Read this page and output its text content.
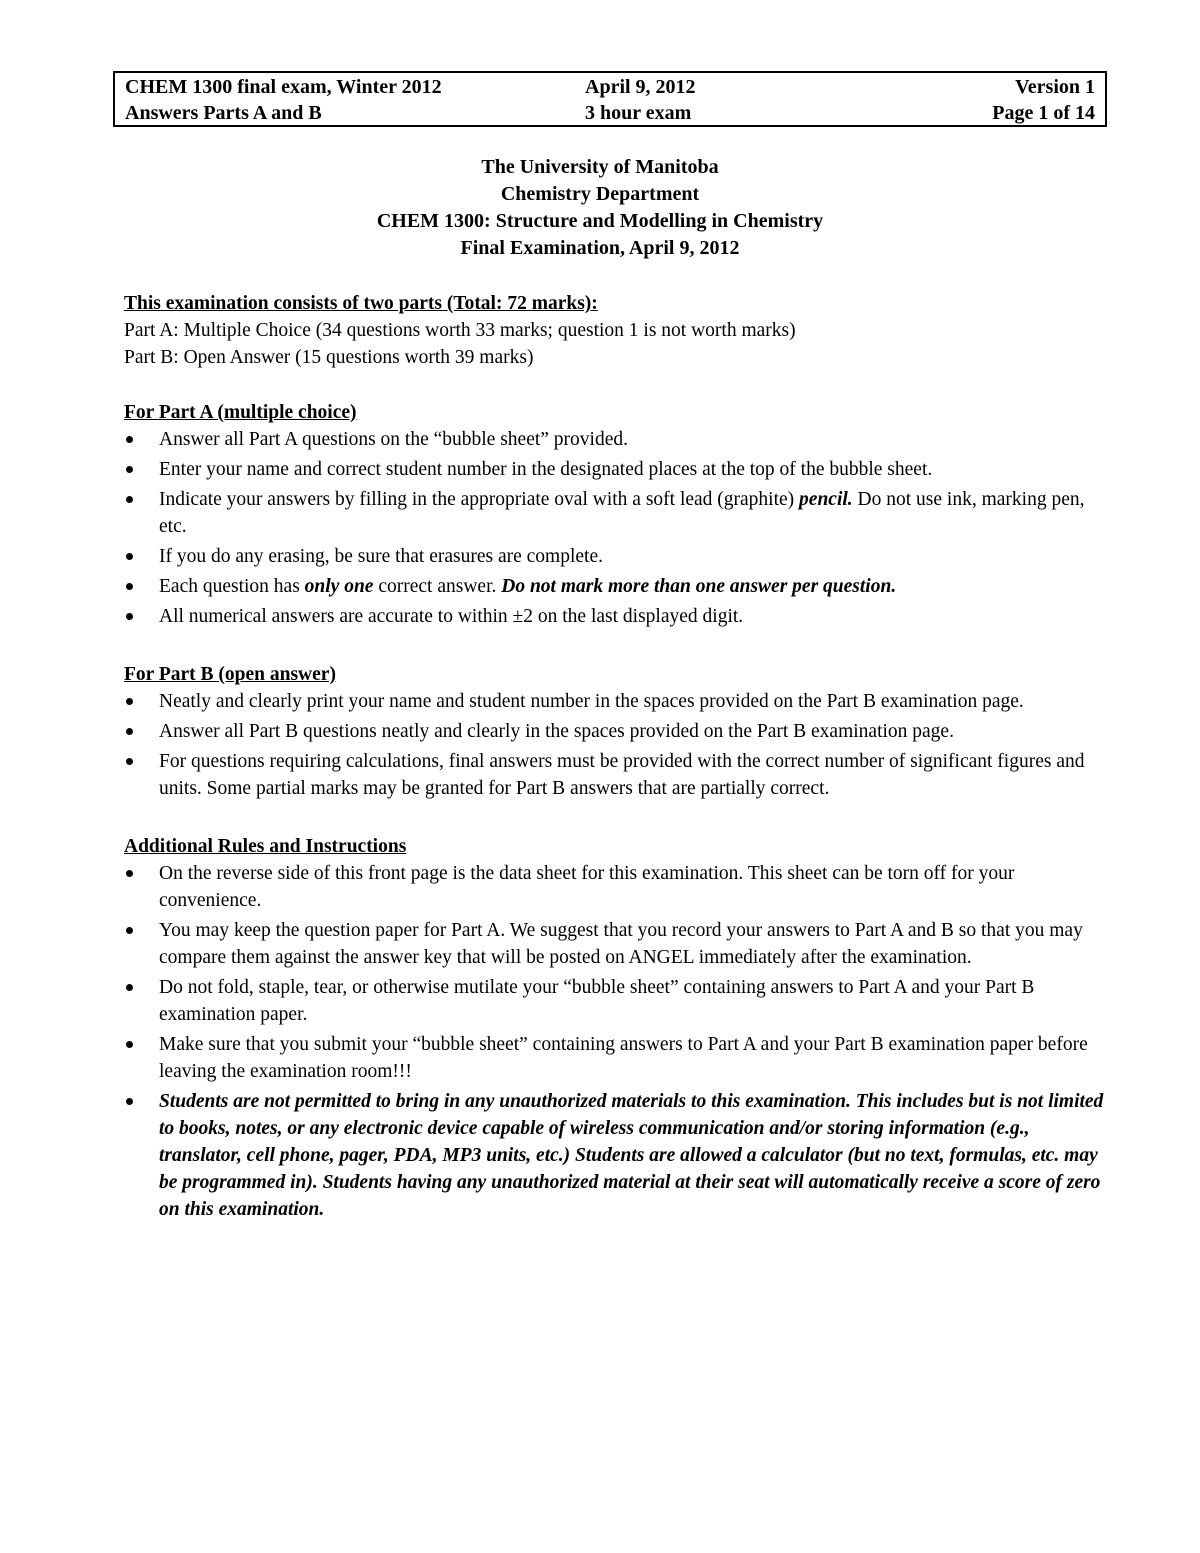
CHEM 1300 final exam, Winter 2012	April 9, 2012	Version 1
Answers Parts A and B	3 hour exam	Page 1 of 14
The University of Manitoba
Chemistry Department
CHEM 1300: Structure and Modelling in Chemistry
Final Examination, April 9, 2012
This examination consists of two parts (Total: 72 marks):
Part A: Multiple Choice (34 questions worth 33 marks; question 1 is not worth marks)
Part B: Open Answer (15 questions worth 39 marks)
For Part A (multiple choice)
Answer all Part A questions on the “bubble sheet” provided.
Enter your name and correct student number in the designated places at the top of the bubble sheet.
Indicate your answers by filling in the appropriate oval with a soft lead (graphite) pencil. Do not use ink, marking pen, etc.
If you do any erasing, be sure that erasures are complete.
Each question has only one correct answer. Do not mark more than one answer per question.
All numerical answers are accurate to within ±2 on the last displayed digit.
For Part B (open answer)
Neatly and clearly print your name and student number in the spaces provided on the Part B examination page.
Answer all Part B questions neatly and clearly in the spaces provided on the Part B examination page.
For questions requiring calculations, final answers must be provided with the correct number of significant figures and units. Some partial marks may be granted for Part B answers that are partially correct.
Additional Rules and Instructions
On the reverse side of this front page is the data sheet for this examination. This sheet can be torn off for your convenience.
You may keep the question paper for Part A. We suggest that you record your answers to Part A and B so that you may compare them against the answer key that will be posted on ANGEL immediately after the examination.
Do not fold, staple, tear, or otherwise mutilate your “bubble sheet” containing answers to Part A and your Part B examination paper.
Make sure that you submit your “bubble sheet” containing answers to Part A and your Part B examination paper before leaving the examination room!!!
Students are not permitted to bring in any unauthorized materials to this examination. This includes but is not limited to books, notes, or any electronic device capable of wireless communication and/or storing information (e.g., translator, cell phone, pager, PDA, MP3 units, etc.) Students are allowed a calculator (but no text, formulas, etc. may be programmed in). Students having any unauthorized material at their seat will automatically receive a score of zero on this examination.
